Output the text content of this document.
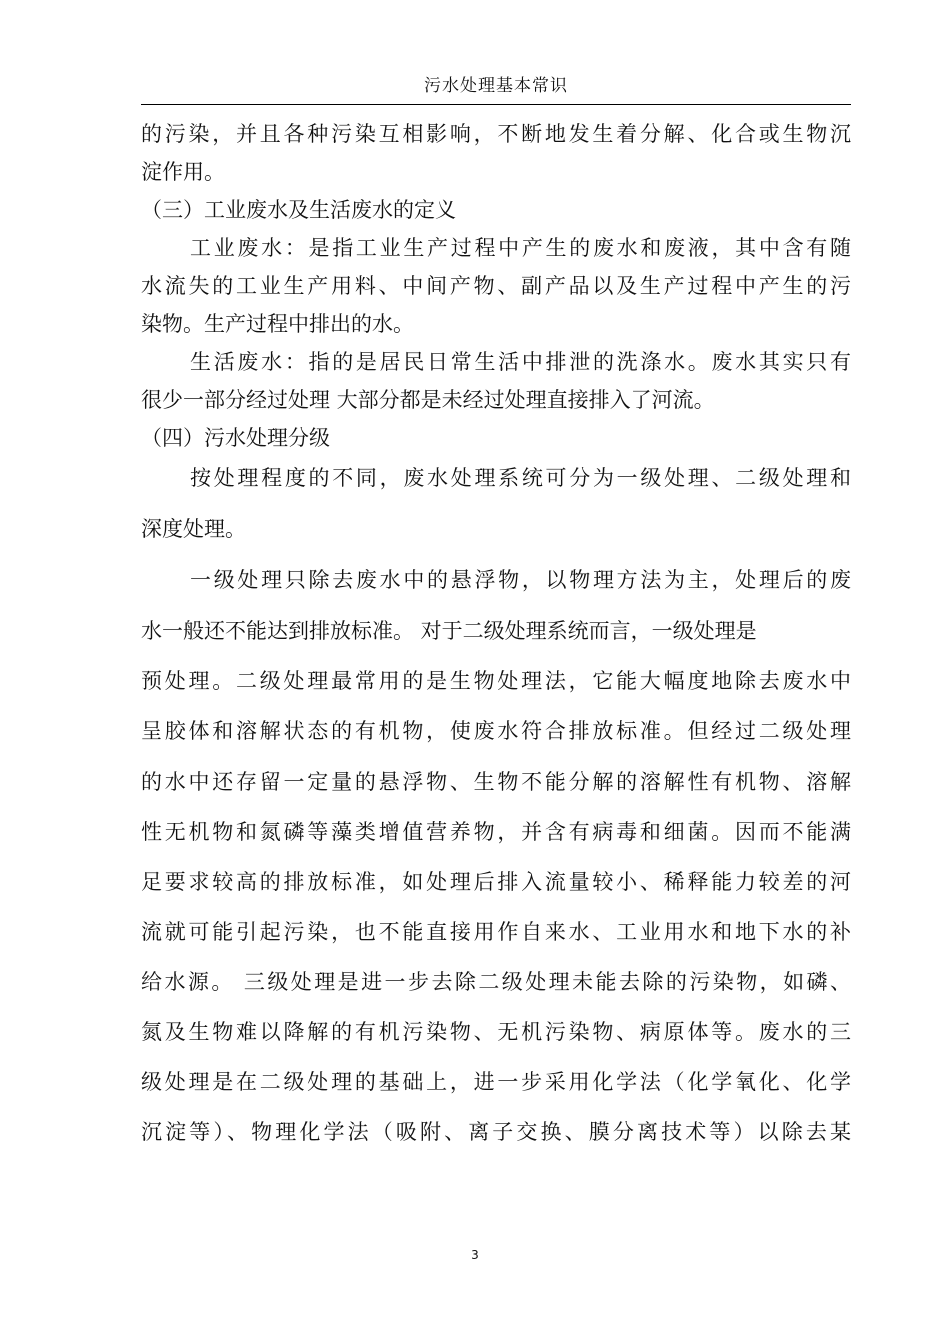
污水处理基本常识
的污染，并且各种污染互相影响，不断地发生着分解、化合或生物沉
淀作用。
（三）工业废水及生活废水的定义
工业废水：是指工业生产过程中产生的废水和废液，其中含有随
水流失的工业生产用料、中间产物、副产品以及生产过程中产生的污
染物。生产过程中排出的水。
生活废水：指的是居民日常生活中排泄的洗涤水。废水其实只有
很少一部分经过处理 大部分都是未经过处理直接排入了河流。
（四）污水处理分级
按处理程度的不同，废水处理系统可分为一级处理、二级处理和
深度处理。
一级处理只除去废水中的悬浮物，以物理方法为主，处理后的废
水一般还不能达到排放标准。 对于二级处理系统而言，一级处理是
预处理。二级处理最常用的是生物处理法，它能大幅度地除去废水中
呈胶体和溶解状态的有机物，使废水符合排放标准。但经过二级处理
的水中还存留一定量的悬浮物、生物不能分解的溶解性有机物、溶解
性无机物和氮磷等藻类增值营养物，并含有病毒和细菌。因而不能满
足要求较高的排放标准，如处理后排入流量较小、稀释能力较差的河
流就可能引起污染，也不能直接用作自来水、工业用水和地下水的补
给水源。 三级处理是进一步去除二级处理未能去除的污染物，如磷、
氮及生物难以降解的有机污染物、无机污染物、病原体等。废水的三
级处理是在二级处理的基础上，进一步采用化学法（化学氧化、化学
沉淀等）、物理化学法（吸附、离子交换、膜分离技术等）以除去某
3
